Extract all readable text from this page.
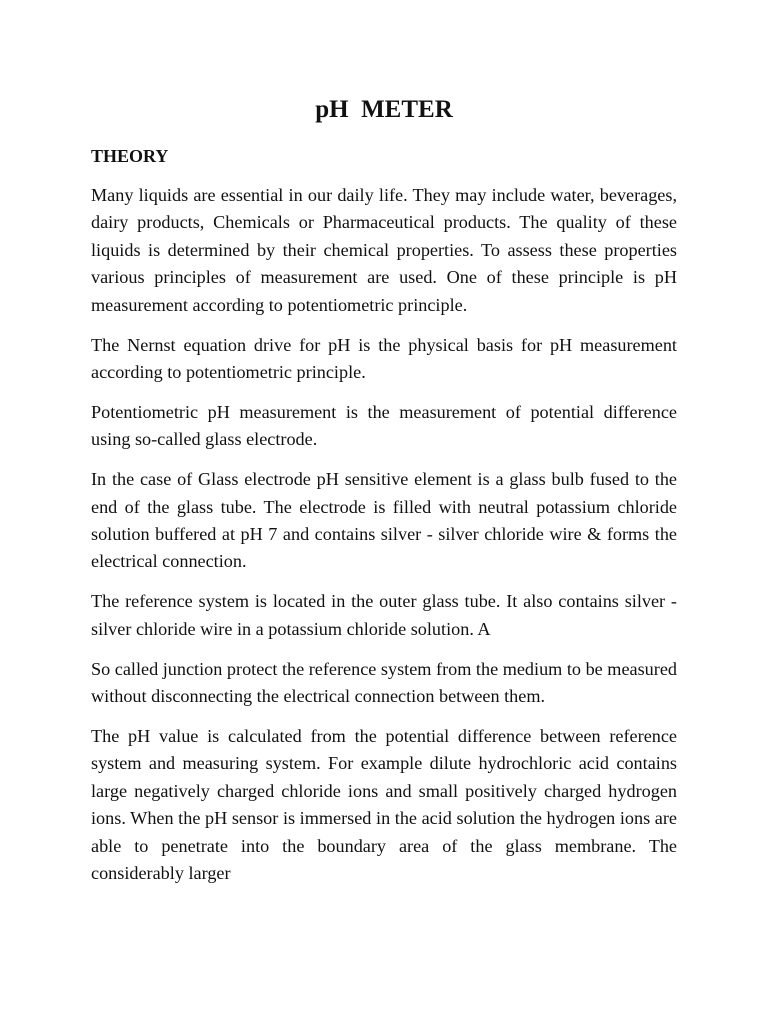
pH  METER
THEORY

Many liquids are essential in our daily life. They may include water, beverages, dairy products, Chemicals or Pharmaceutical products. The quality of these liquids is determined by their chemical properties. To assess these properties various principles of measurement are used. One of these principle is pH measurement according to potentiometric principle.

The Nernst equation drive for pH is the physical basis for pH measurement according to potentiometric principle.

Potentiometric pH measurement is the measurement of potential difference using so-called glass electrode.

In the case of Glass electrode pH sensitive element is a glass bulb fused to the end of the glass tube. The electrode is filled with neutral potassium chloride solution buffered at pH 7 and contains silver - silver chloride wire & forms the electrical connection.

The reference system is located in the outer glass tube. It also contains silver - silver chloride wire in a potassium chloride solution. A

So called junction protect the reference system from the medium to be measured without disconnecting the electrical connection between them.

The pH value is calculated from the potential difference between reference system and measuring system. For example dilute hydrochloric acid contains large negatively charged chloride ions and small positively charged hydrogen ions. When the pH sensor is immersed in the acid solution the hydrogen ions are able to penetrate into the boundary area of the glass membrane. The considerably larger
